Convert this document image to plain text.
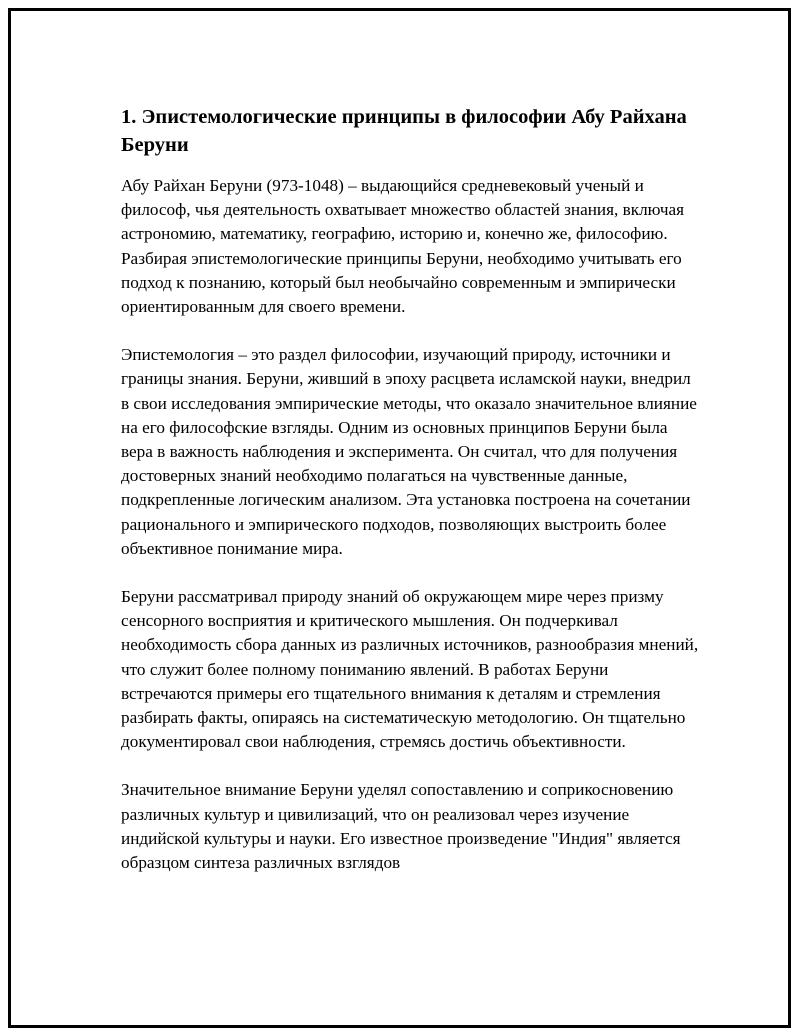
1. Эпистемологические принципы в философии Абу Райхана Беруни

Абу Райхан Беруни (973-1048) – выдающийся средневековый ученый и философ, чья деятельность охватывает множество областей знания, включая астрономию, математику, географию, историю и, конечно же, философию. Разбирая эпистемологические принципы Беруни, необходимо учитывать его подход к познанию, который был необычайно современным и эмпирически ориентированным для своего времени.

Эпистемология – это раздел философии, изучающий природу, источники и границы знания. Беруни, живший в эпоху расцвета исламской науки, внедрил в свои исследования эмпирические методы, что оказало значительное влияние на его философские взгляды. Одним из основных принципов Беруни была вера в важность наблюдения и эксперимента. Он считал, что для получения достоверных знаний необходимо полагаться на чувственные данные, подкрепленные логическим анализом. Эта установка построена на сочетании рационального и эмпирического подходов, позволяющих выстроить более объективное понимание мира.

Беруни рассматривал природу знаний об окружающем мире через призму сенсорного восприятия и критического мышления. Он подчеркивал необходимость сбора данных из различных источников, разнообразия мнений, что служит более полному пониманию явлений. В работах Беруни встречаются примеры его тщательного внимания к деталям и стремления разбирать факты, опираясь на систематическую методологию. Он тщательно документировал свои наблюдения, стремясь достичь объективности.

Значительное внимание Беруни уделял сопоставлению и соприкосновению различных культур и цивилизаций, что он реализовал через изучение индийской культуры и науки. Его известное произведение "Индия" является образцом синтеза различных взглядов
